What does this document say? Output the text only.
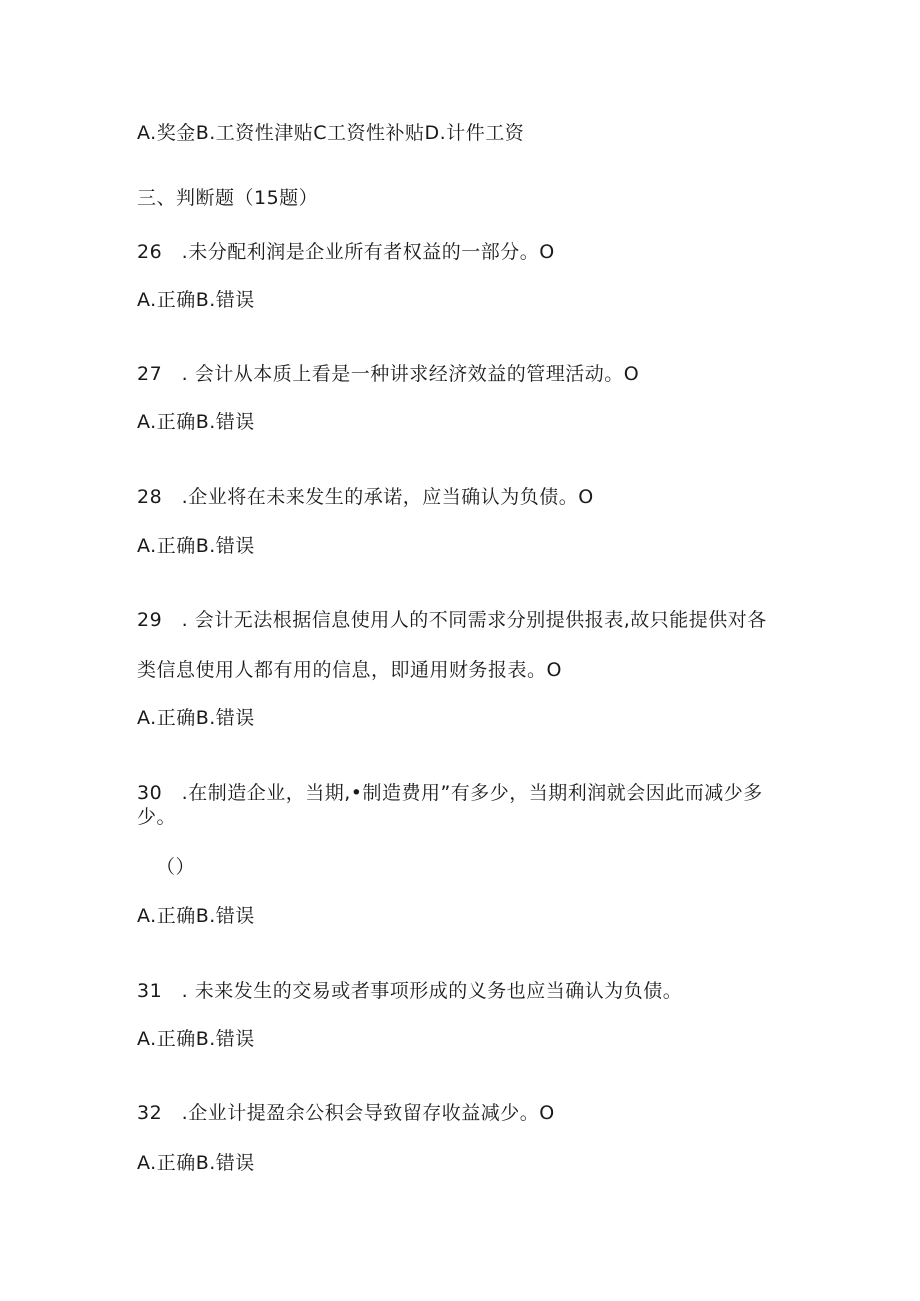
A.奖金B.工资性津贴C工资性补贴D.计件工资
三、判断题（15题）
26　.未分配利润是企业所有者权益的一部分。O
A.正确B.错误
27　. 会计从本质上看是一种讲求经济效益的管理活动。O
A.正确B.错误
28　.企业将在未来发生的承诺，应当确认为负债。O
A.正确B.错误
29　. 会计无法根据信息使用人的不同需求分别提供报表,故只能提供对各
类信息使用人都有用的信息，即通用财务报表。O
A.正确B.错误
30　.在制造企业，当期,•制造费用”有多少，当期利润就会因此而减少多少。
（）
A.正确B.错误
31　. 未来发生的交易或者事项形成的义务也应当确认为负债。
A.正确B.错误
32　.企业计提盈余公积会导致留存收益减少。O
A.正确B.错误
